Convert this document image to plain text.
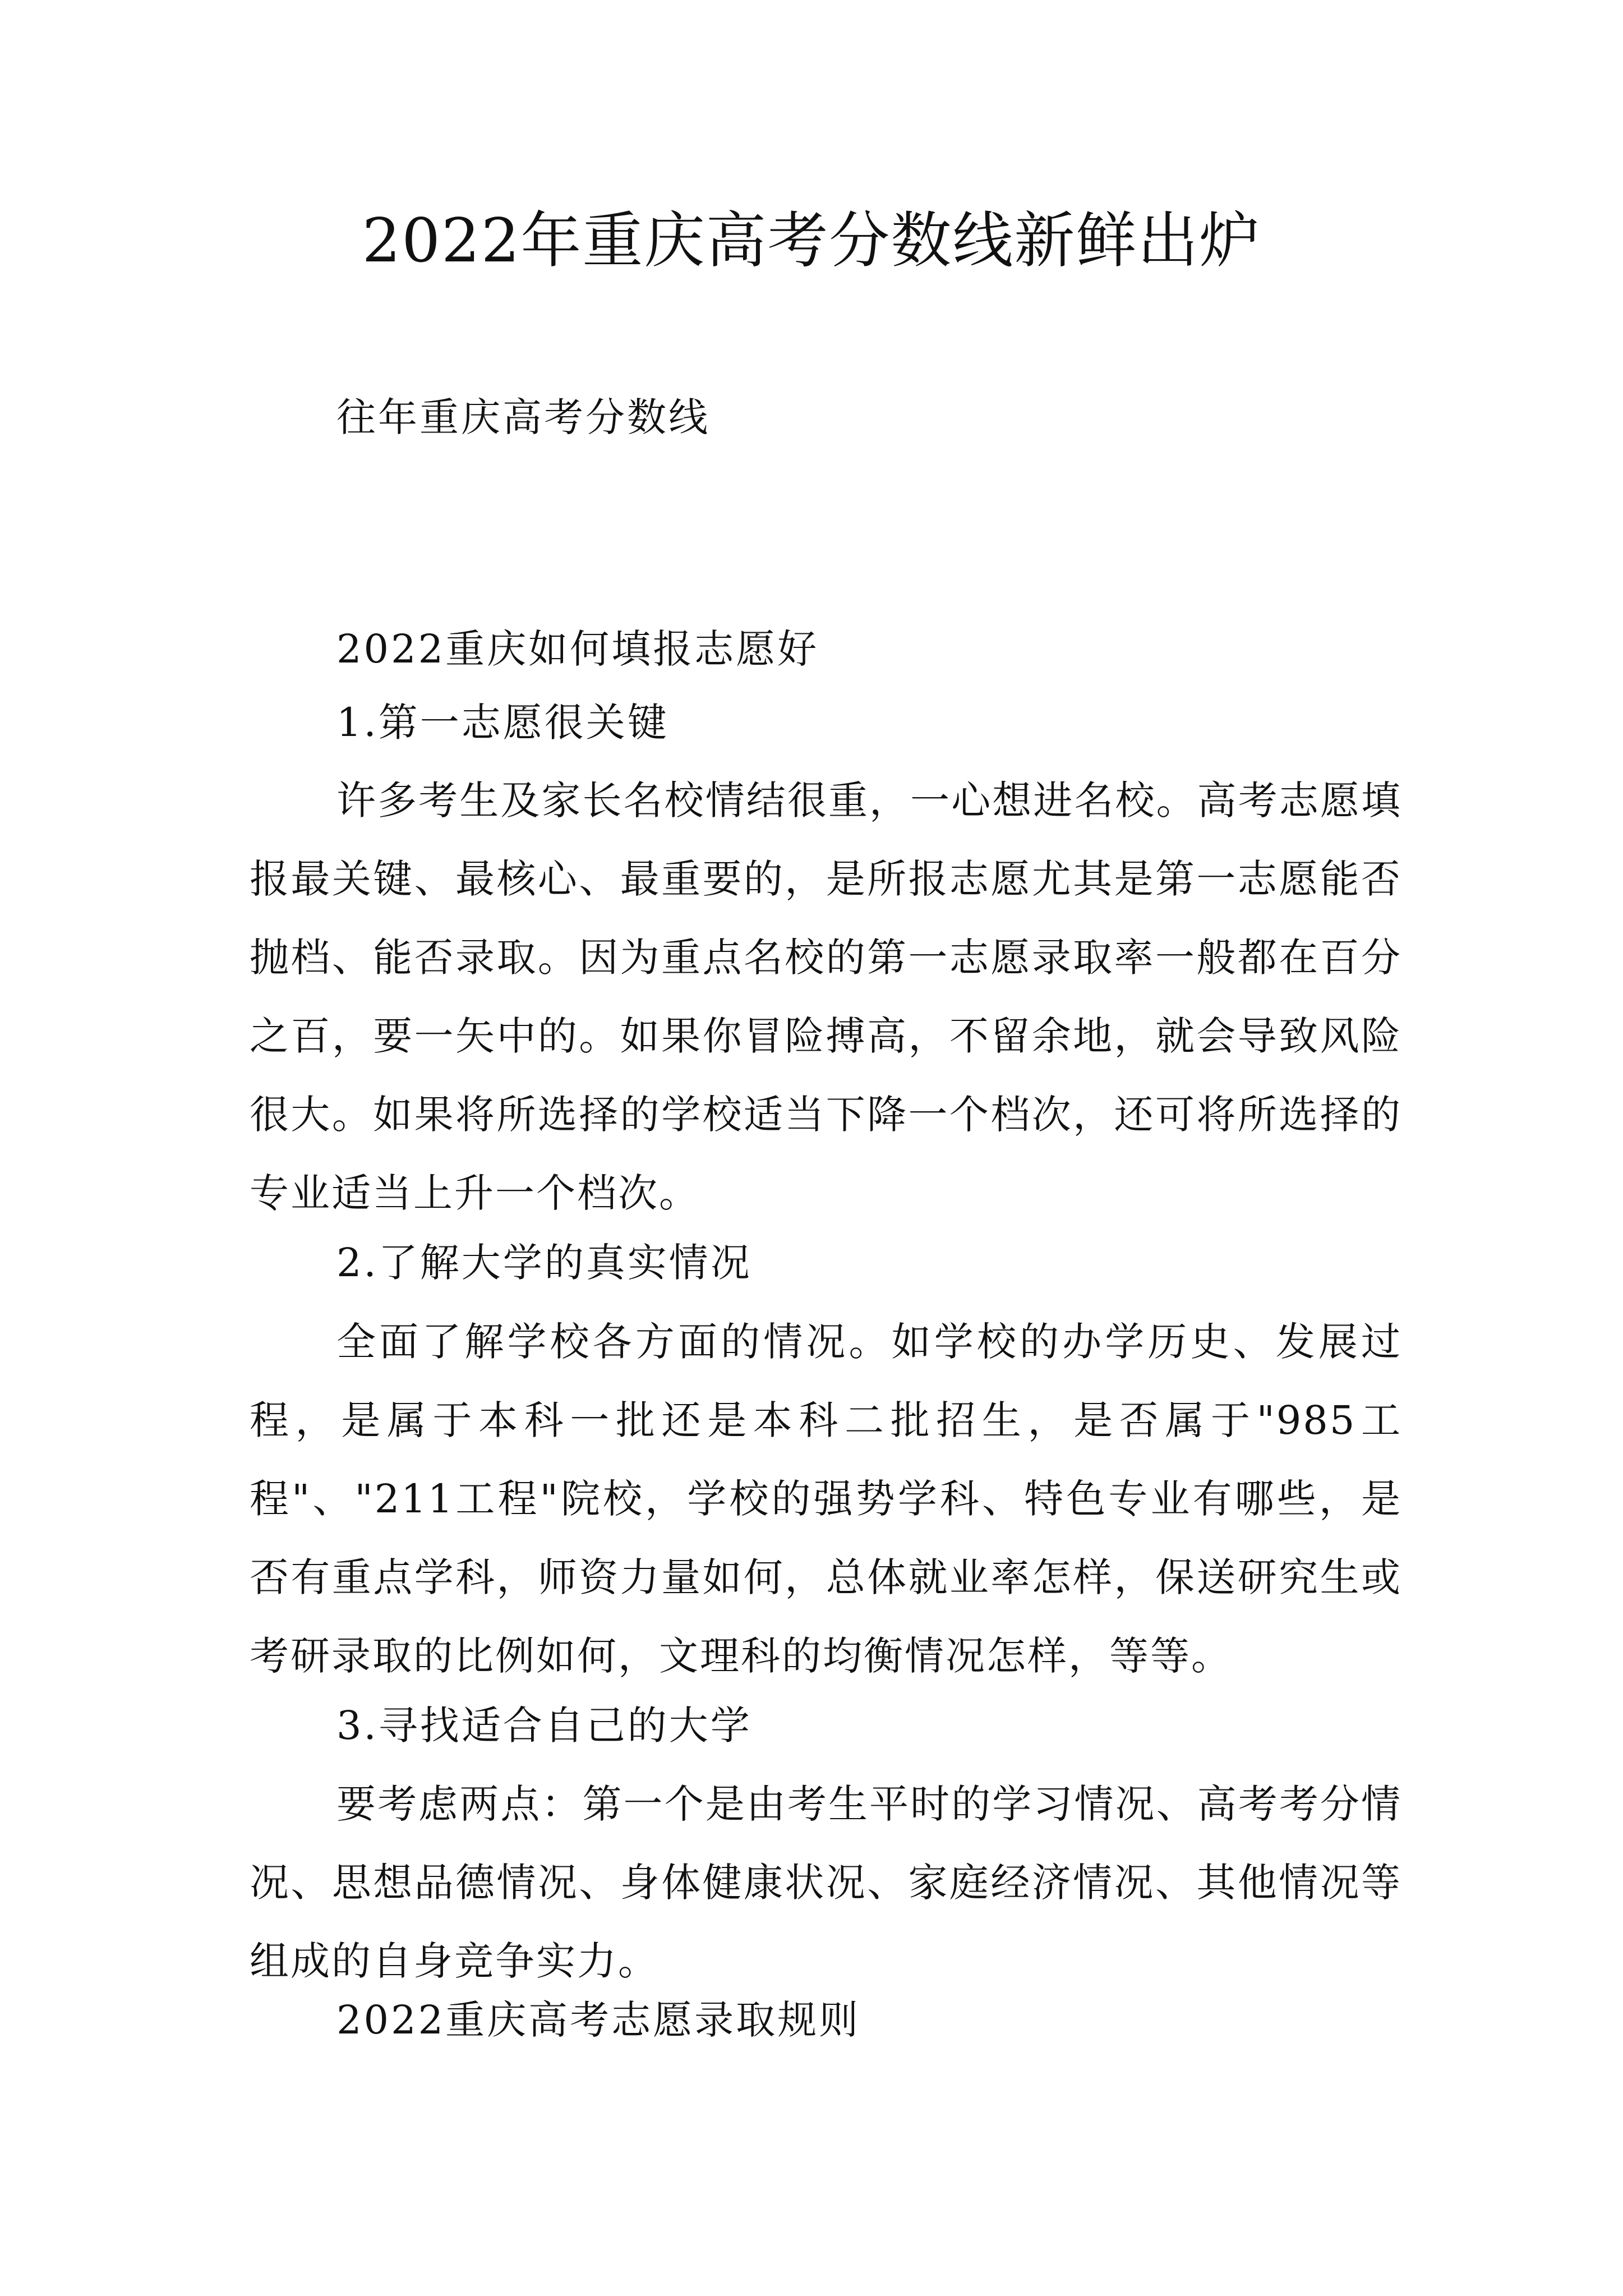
2022年重庆高考分数线新鲜出炉

往年重庆高考分数线

2022重庆如何填报志愿好

1.第一志愿很关键

许多考生及家长名校情结很重，一心想进名校。高考志愿填报最关键、最核心、最重要的，是所报志愿尤其是第一志愿能否抛档、能否录取。因为重点名校的第一志愿录取率一般都在百分之百，要一矢中的。如果你冒险搏高，不留余地，就会导致风险很大。如果将所选择的学校适当下降一个档次，还可将所选择的专业适当上升一个档次。

2.了解大学的真实情况

全面了解学校各方面的情况。如学校的办学历史、发展过程，是属于本科一批还是本科二批招生，是否属于"985工程"、"211工程"院校，学校的强势学科、特色专业有哪些，是否有重点学科，师资力量如何，总体就业率怎样，保送研究生或考研录取的比例如何，文理科的均衡情况怎样，等等。

3.寻找适合自己的大学

要考虑两点：第一个是由考生平时的学习情况、高考考分情况、思想品德情况、身体健康状况、家庭经济情况、其他情况等组成的自身竞争实力。

2022重庆高考志愿录取规则
